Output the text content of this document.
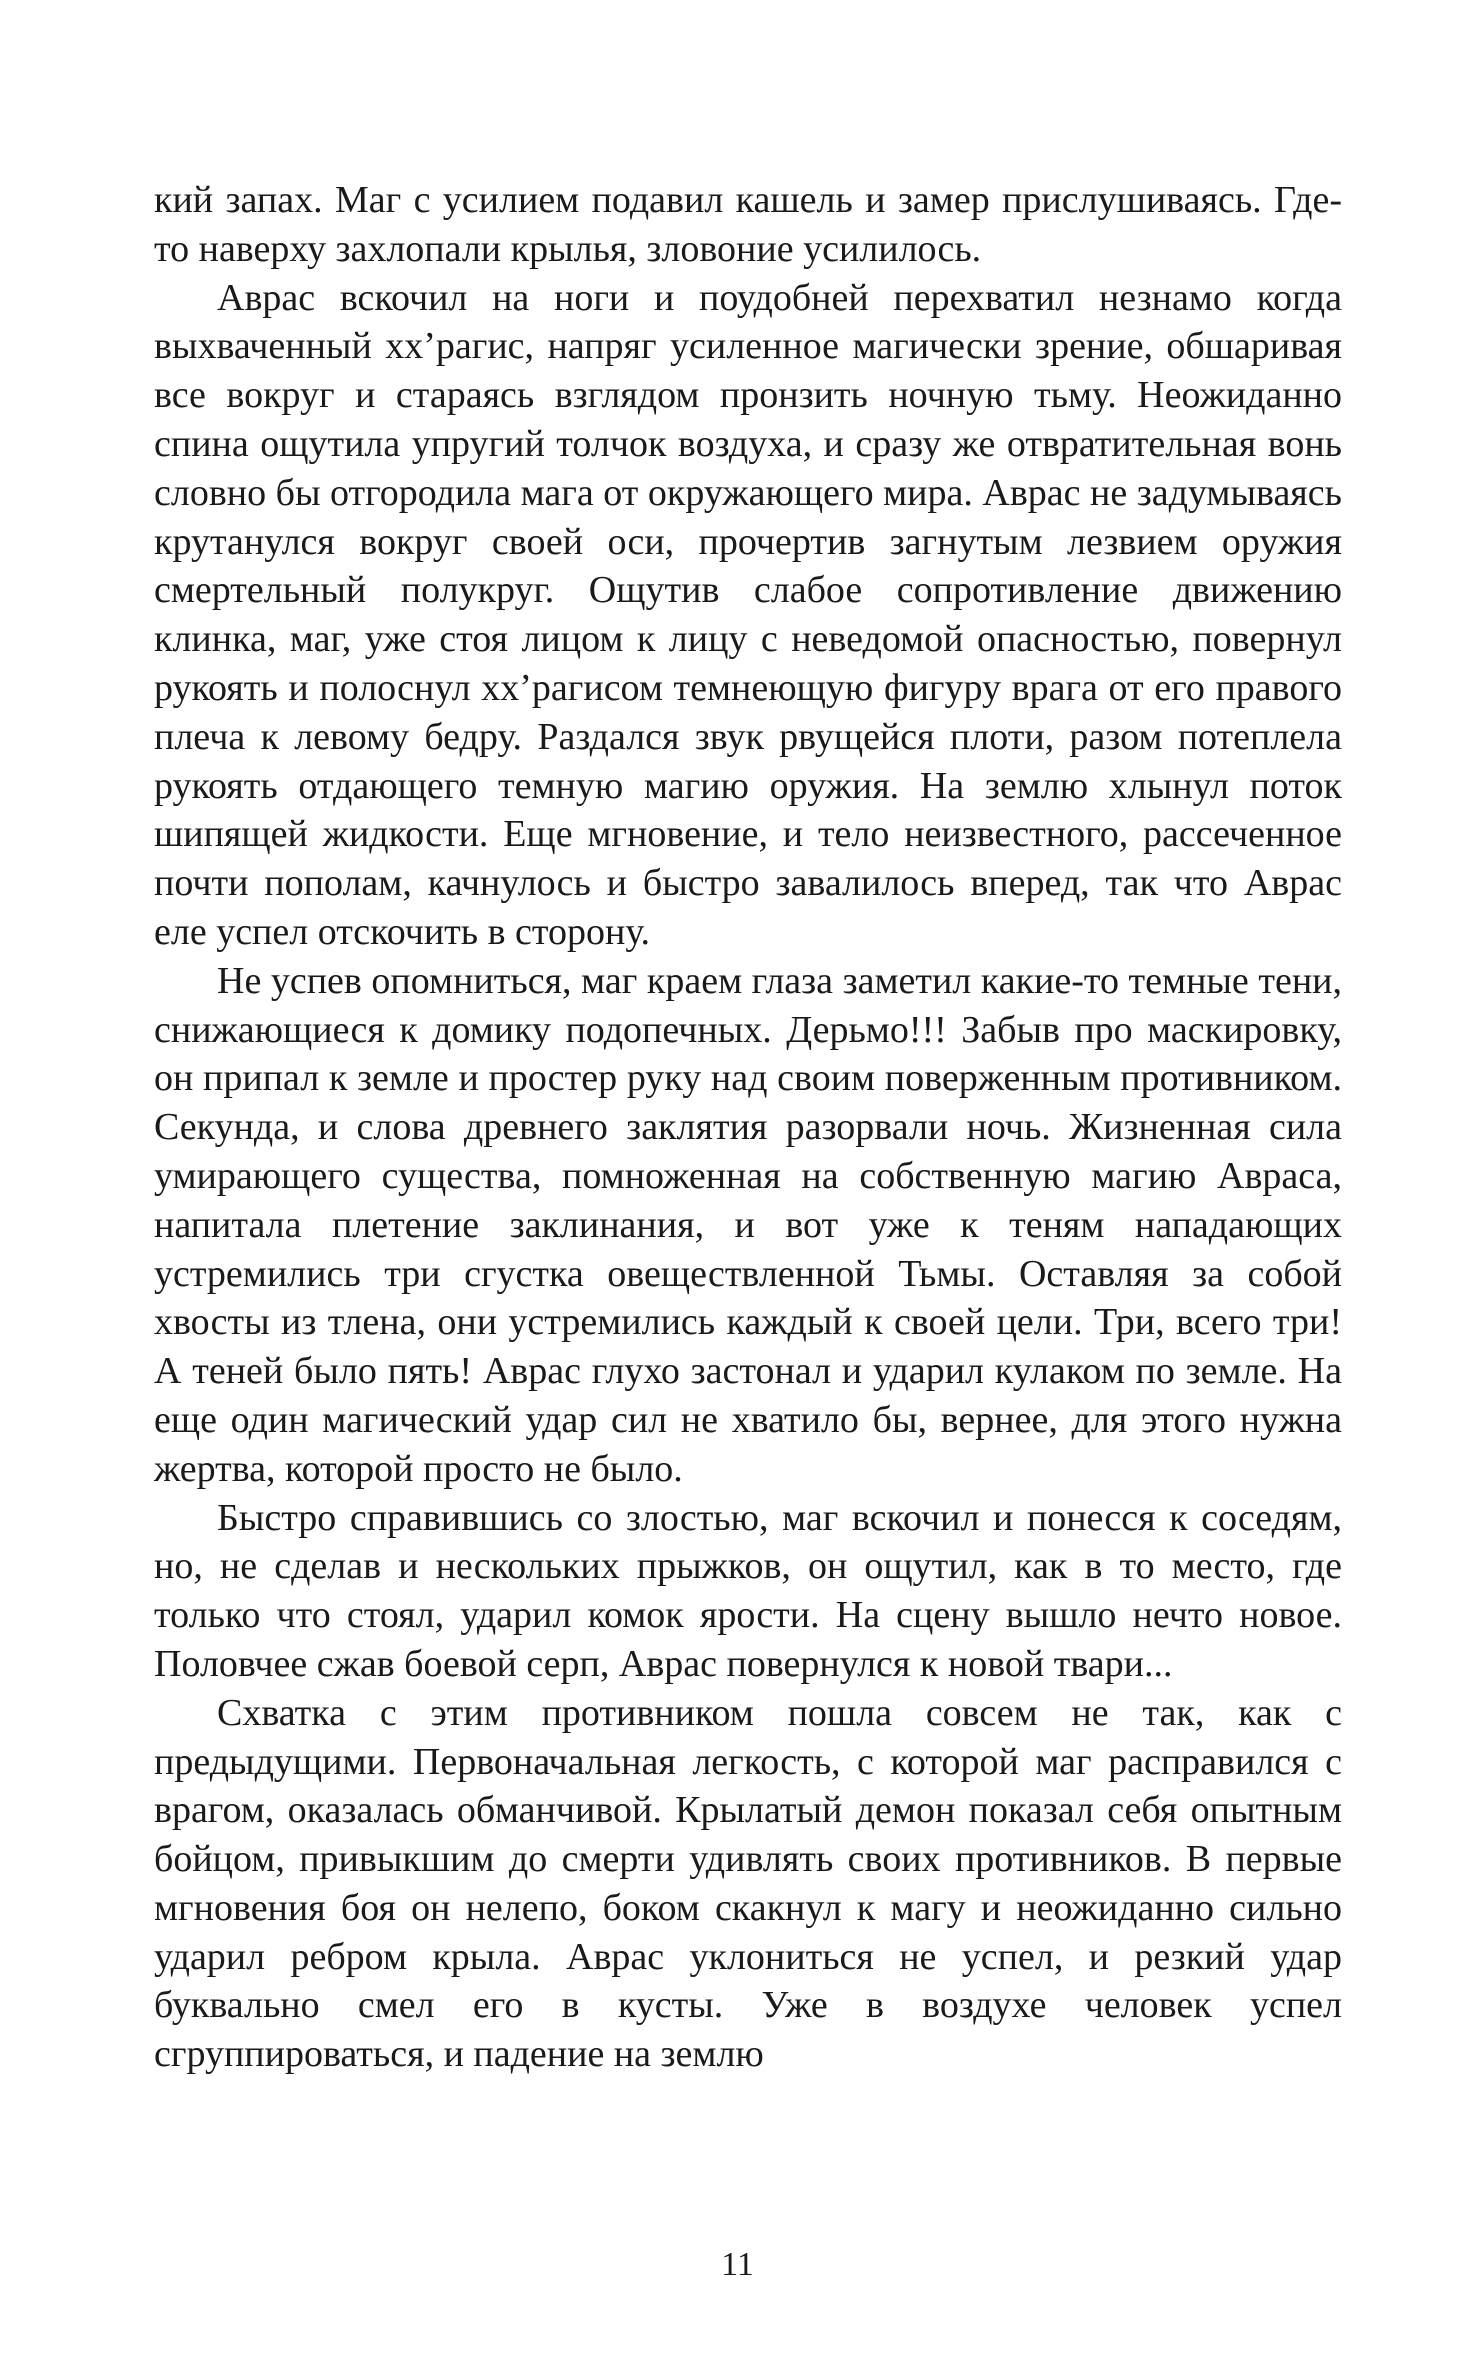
кий запах. Маг с усилием подавил кашель и замер прислушиваясь. Где-то наверху захлопали крылья, зловоние усилилось.

Аврас вскочил на ноги и поудобней перехватил незнамо когда выхваченный хх’рагис, напряг усиленное магически зрение, обшаривая все вокруг и стараясь взглядом пронзить ночную тьму. Неожиданно спина ощутила упругий толчок воздуха, и сразу же отвратительная вонь словно бы отгородила мага от окружающего мира. Аврас не задумываясь крутанулся вокруг своей оси, прочертив загнутым лезвием оружия смертельный полукруг. Ощутив слабое сопротивление движению клинка, маг, уже стоя лицом к лицу с неведомой опасностью, повернул рукоять и полоснул хх’рагисом темнеющую фигуру врага от его правого плеча к левому бедру. Раздался звук рвущейся плоти, разом потеплела рукоять отдающего темную магию оружия. На землю хлынул поток шипящей жидкости. Еще мгновение, и тело неизвестного, рассеченное почти пополам, качнулось и быстро завалилось вперед, так что Аврас еле успел отскочить в сторону.

Не успев опомниться, маг краем глаза заметил какие-то темные тени, снижающиеся к домику подопечных. Дерьмо!!! Забыв про маскировку, он припал к земле и простер руку над своим поверженным противником. Секунда, и слова древнего заклятия разорвали ночь. Жизненная сила умирающего существа, помноженная на собственную магию Авраса, напитала плетение заклинания, и вот уже к теням нападающих устремились три сгустка овеществленной Тьмы. Оставляя за собой хвосты из тлена, они устремились каждый к своей цели. Три, всего три! А теней было пять! Аврас глухо застонал и ударил кулаком по земле. На еще один магический удар сил не хватило бы, вернее, для этого нужна жертва, которой просто не было.

Быстро справившись со злостью, маг вскочил и понесся к соседям, но, не сделав и нескольких прыжков, он ощутил, как в то место, где только что стоял, ударил комок ярости. На сцену вышло нечто новое. Половчее сжав боевой серп, Аврас повернулся к новой твари...

Схватка с этим противником пошла совсем не так, как с предыдущими. Первоначальная легкость, с которой маг расправился с врагом, оказалась обманчивой. Крылатый демон показал себя опытным бойцом, привыкшим до смерти удивлять своих противников. В первые мгновения боя он нелепо, боком скакнул к магу и неожиданно сильно ударил ребром крыла. Аврас уклониться не успел, и резкий удар буквально смел его в кусты. Уже в воздухе человек успел сгруппироваться, и падение на землю

11
